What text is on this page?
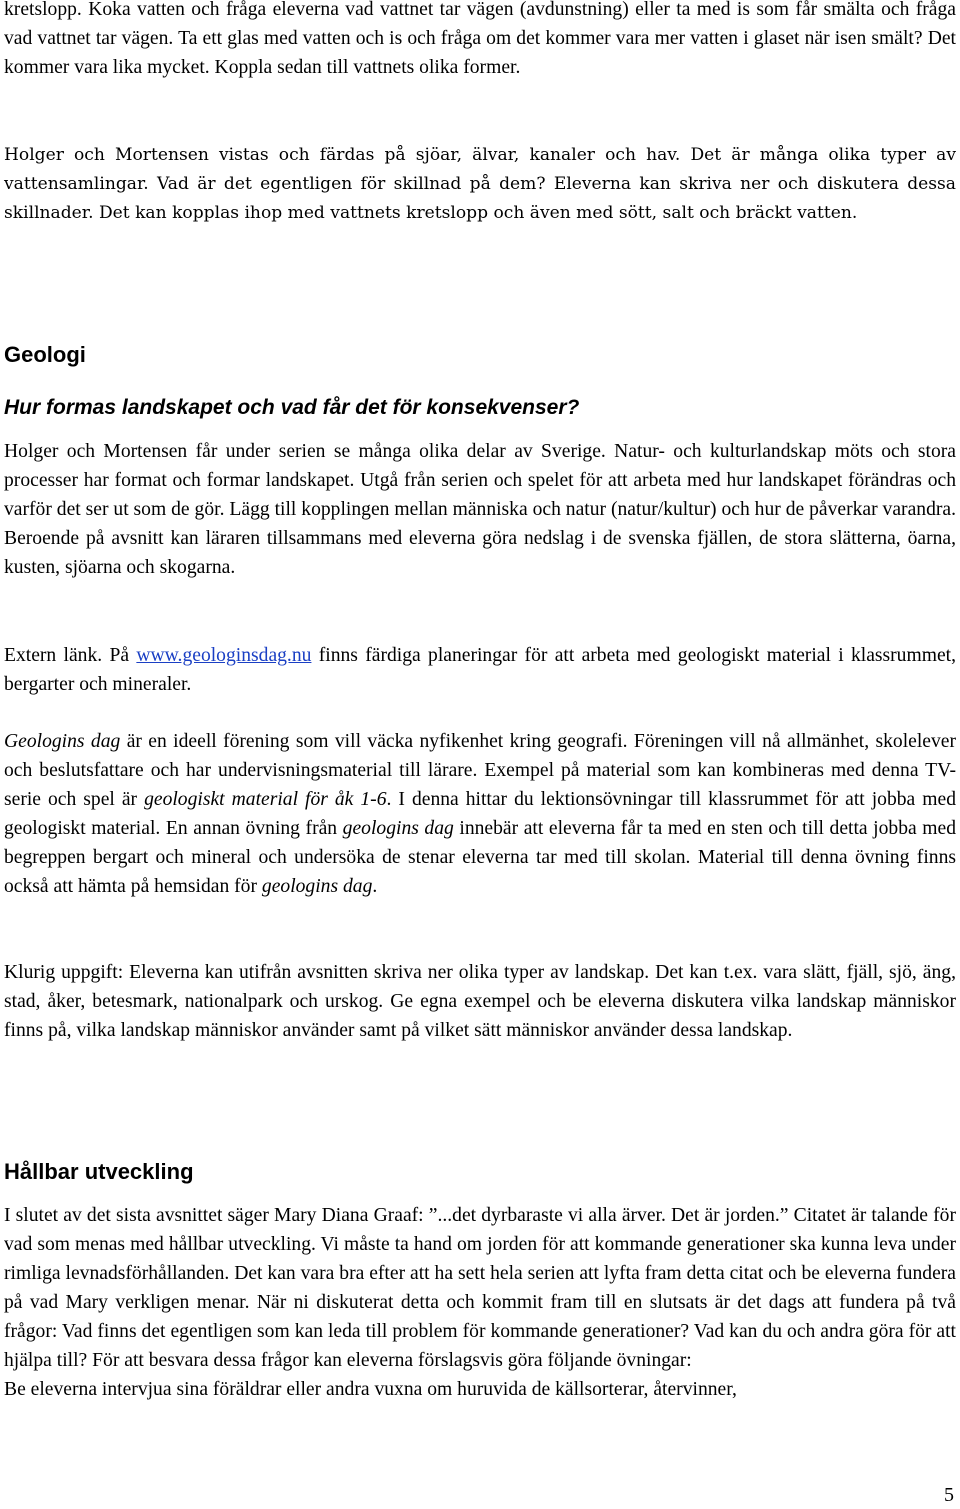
kretslopp. Koka vatten och fråga eleverna vad vattnet tar vägen (avdunstning) eller ta med is som får smälta och fråga vad vattnet tar vägen. Ta ett glas med vatten och is och fråga om det kommer vara mer vatten i glaset när isen smält? Det kommer vara lika mycket. Koppla sedan till vattnets olika former.

Holger och Mortensen vistas och färdas på sjöar, älvar, kanaler och hav. Det är många olika typer av vattensamlingar. Vad är det egentligen för skillnad på dem? Eleverna kan skriva ner och diskutera dessa skillnader. Det kan kopplas ihop med vattnets kretslopp och även med sött, salt och bräckt vatten.

Geologi
Hur formas landskapet och vad får det för konsekvenser?

Holger och Mortensen får under serien se många olika delar av Sverige. Natur- och kulturlandskap möts och stora processer har format och formar landskapet. Utgå från serien och spelet för att arbeta med hur landskapet förändras och varför det ser ut som de gör. Lägg till kopplingen mellan människa och natur (natur/kultur) och hur de påverkar varandra. Beroende på avsnitt kan läraren tillsammans med eleverna göra nedslag i de svenska fjällen, de stora slätterna, öarna, kusten, sjöarna och skogarna.

Extern länk. På www.geologinsdag.nu finns färdiga planeringar för att arbeta med geologiskt material i klassrummet, bergarter och mineraler.

Geologins dag är en ideell förening som vill väcka nyfikenhet kring geografi. Föreningen vill nå allmänhet, skolelever och beslutsfattare och har undervisningsmaterial till lärare. Exempel på material som kan kombineras med denna TV-serie och spel är geologiskt material för åk 1-6. I denna hittar du lektionsövningar till klassrummet för att jobba med geologiskt material. En annan övning från geologins dag innebär att eleverna får ta med en sten och till detta jobba med begreppen bergart och mineral och undersöka de stenar eleverna tar med till skolan. Material till denna övning finns också att hämta på hemsidan för geologins dag.

Klurig uppgift: Eleverna kan utifrån avsnitten skriva ner olika typer av landskap. Det kan t.ex. vara slätt, fjäll, sjö, äng, stad, åker, betesmark, nationalpark och urskog. Ge egna exempel och be eleverna diskutera vilka landskap människor finns på, vilka landskap människor använder samt på vilket sätt människor använder dessa landskap.

Hållbar utveckling

I slutet av det sista avsnittet säger Mary Diana Graaf: ”...det dyrbaraste vi alla ärver. Det är jorden.” Citatet är talande för vad som menas med hållbar utveckling. Vi måste ta hand om jorden för att kommande generationer ska kunna leva under rimliga levnadsförhållanden. Det kan vara bra efter att ha sett hela serien att lyfta fram detta citat och be eleverna fundera på vad Mary verkligen menar. När ni diskuterat detta och kommit fram till en slutsats är det dags att fundera på två frågor: Vad finns det egentligen som kan leda till problem för kommande generationer? Vad kan du och andra göra för att hjälpa till? För att besvara dessa frågor kan eleverna förslagsvis göra följande övningar:

Be eleverna intervjua sina föräldrar eller andra vuxna om huruvida de källsorterar, återvinner,

5
